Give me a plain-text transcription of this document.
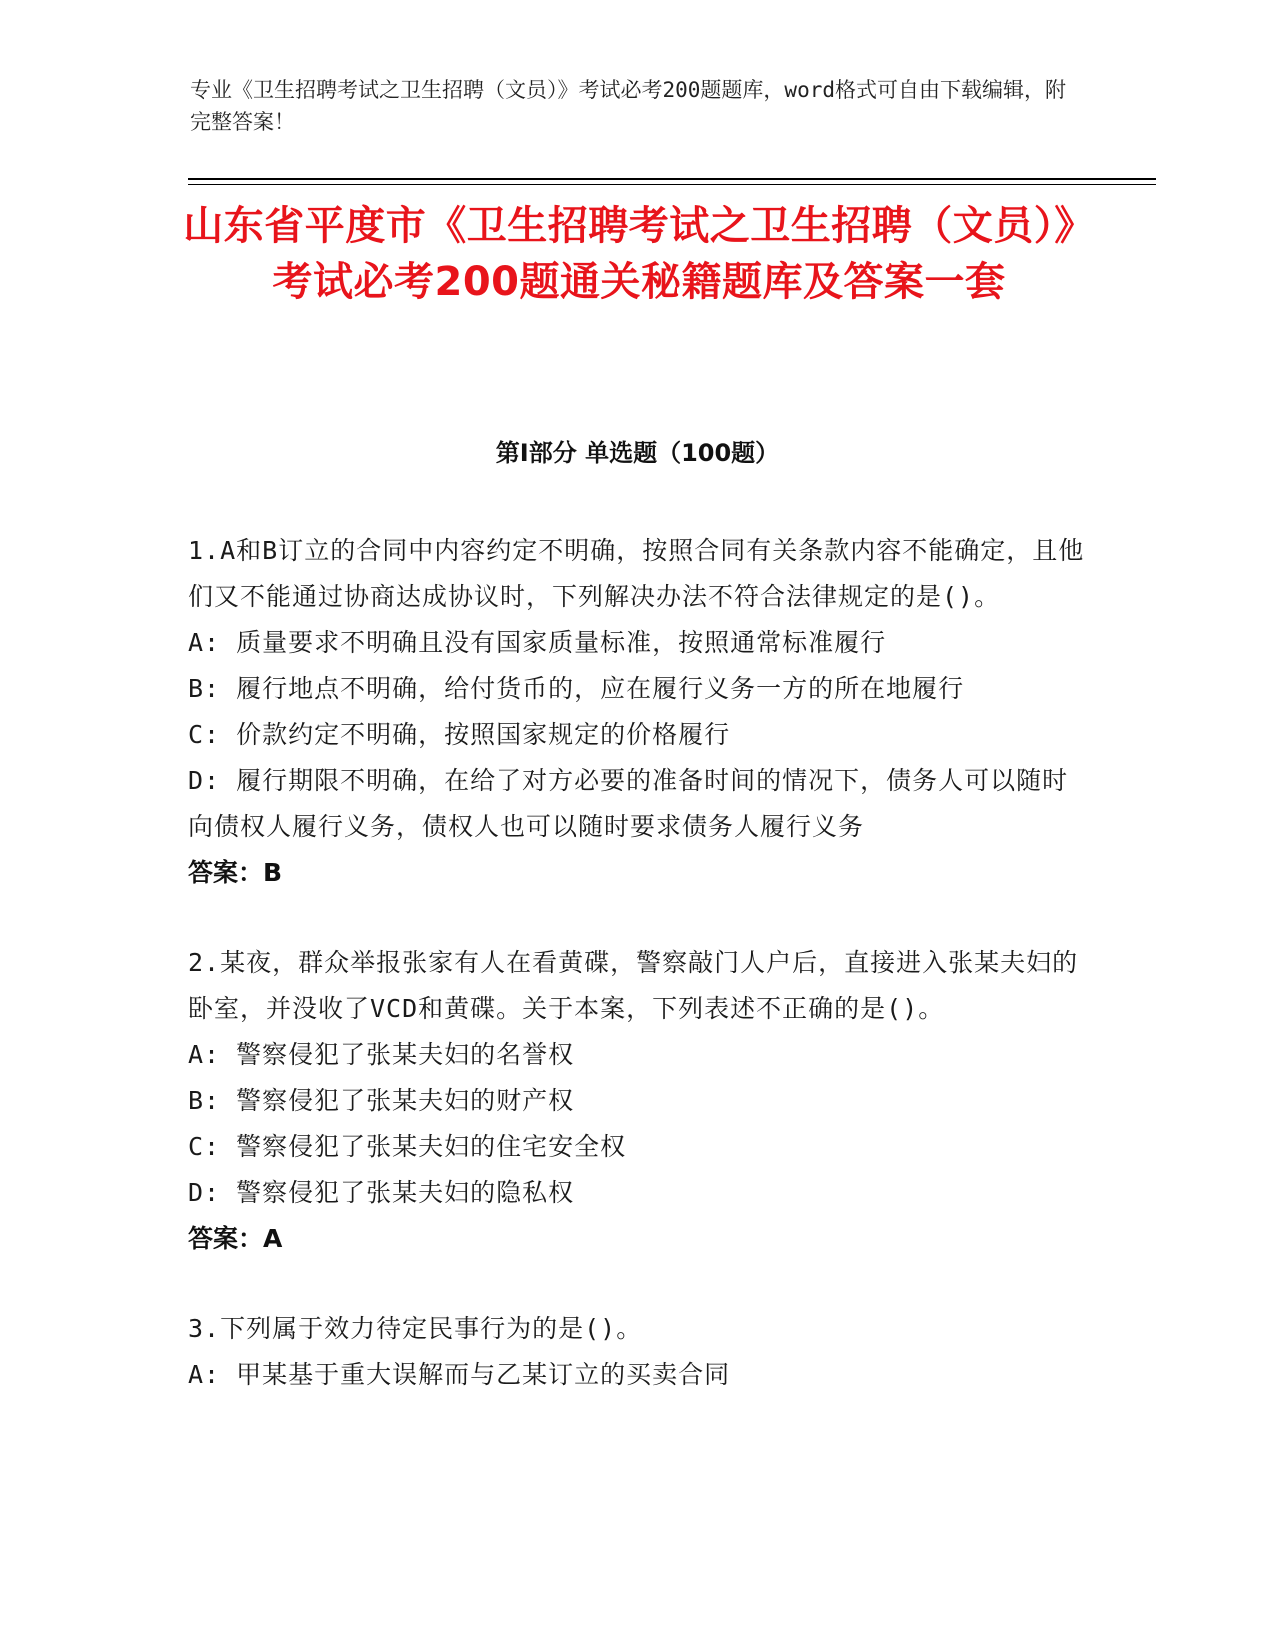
专业《卫生招聘考试之卫生招聘（文员）》考试必考200题题库，word格式可自由下载编辑，附完整答案！
山东省平度市《卫生招聘考试之卫生招聘（文员）》考试必考200题通关秘籍题库及答案一套
第Ⅰ部分 单选题（100题）
1.A和B订立的合同中内容约定不明确，按照合同有关条款内容不能确定，且他们又不能通过协商达成协议时，下列解决办法不符合法律规定的是()。
A: 质量要求不明确且没有国家质量标准，按照通常标准履行
B: 履行地点不明确，给付货币的，应在履行义务一方的所在地履行
C: 价款约定不明确，按照国家规定的价格履行
D: 履行期限不明确，在给了对方必要的准备时间的情况下，债务人可以随时向债权人履行义务，债权人也可以随时要求债务人履行义务
答案：B
2.某夜，群众举报张家有人在看黄碟，警察敲门人户后，直接进入张某夫妇的卧室，并没收了VCD和黄碟。关于本案，下列表述不正确的是()。
A: 警察侵犯了张某夫妇的名誉权
B: 警察侵犯了张某夫妇的财产权
C: 警察侵犯了张某夫妇的住宅安全权
D: 警察侵犯了张某夫妇的隐私权
答案：A
3.下列属于效力待定民事行为的是()。
A: 甲某基于重大误解而与乙某订立的买卖合同
